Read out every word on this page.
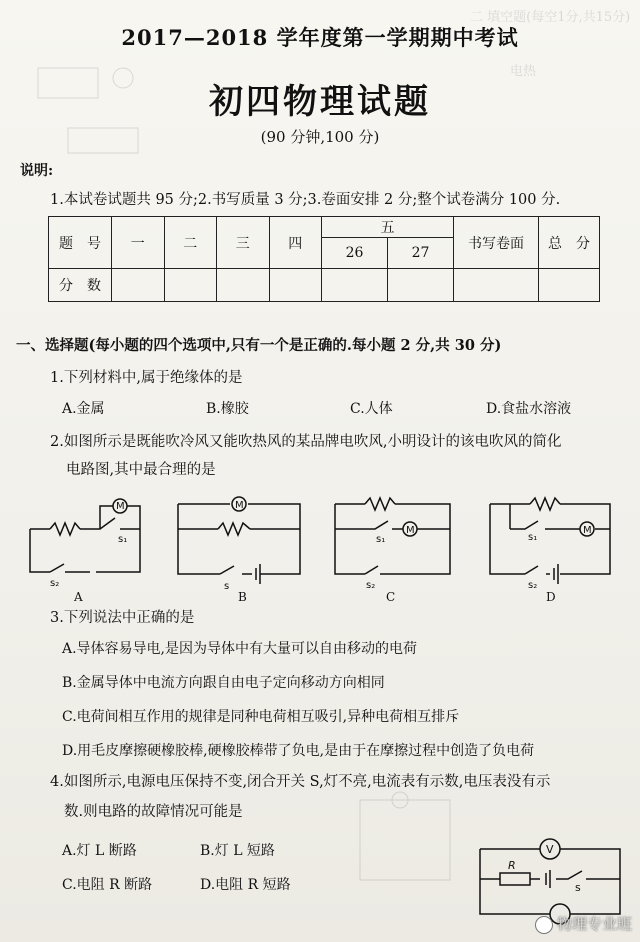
二 填空题(每空1分,共15分)
电热
2017—2018 学年度第一学期期中考试
初四物理试题
(90 分钟,100 分)
说明:
1.本试卷试题共 95 分;2.书写质量 3 分;3.卷面安排 2 分;整个试卷满分 100 分.
题　号	一	二	三	四	五		书写卷面	总　分
					26	27		
分　数								
一、选择题(每小题的四个选项中,只有一个是正确的.每小题 2 分,共 30 分)
1.下列材料中,属于绝缘体的是
A.金属	B.橡胶	C.人体	D.食盐水溶液
2.如图所示是既能吹冷风又能吹热风的某品牌电吹风,小明设计的该电吹风的简化
电路图,其中最合理的是
M	M
M	M
s₁
s₂	s
s₁
s₂
s₁
s₂
A	B	C	D
3.下列说法中正确的是
A.导体容易导电,是因为导体中有大量可以自由移动的电荷
B.金属导体中电流方向跟自由电子定向移动方向相同
C.电荷间相互作用的规律是同种电荷相互吸引,异种电荷相互排斥
D.用毛皮摩擦硬橡胶棒,硬橡胶棒带了负电,是由于在摩擦过程中创造了负电荷
4.如图所示,电源电压保持不变,闭合开关 S,灯不亮,电流表有示数,电压表没有示
数.则电路的故障情况可能是
A.灯 L 断路	B.灯 L 短路
C.电阻 R 断路	D.电阻 R 短路
V
R
s
物理专业班
